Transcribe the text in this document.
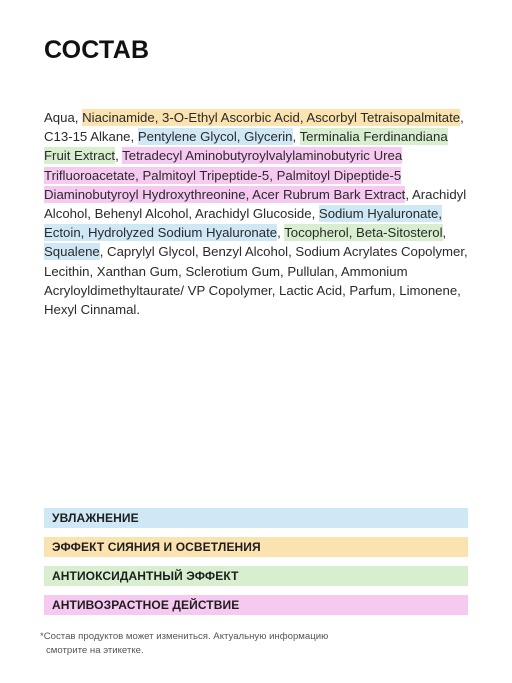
СОСТАВ

Aqua, Niacinamide, 3-O-Ethyl Ascorbic Acid, Ascorbyl Tetraisopalmitate, C13-15 Alkane, Pentylene Glycol, Glycerin, Terminalia Ferdinandiana Fruit Extract, Tetradecyl Aminobutyroylvalylaminobutyric Urea Trifluoroacetate, Palmitoyl Tripeptide-5, Palmitoyl Dipeptide-5 Diaminobutyroyl Hydroxythreonine, Acer Rubrum Bark Extract, Arachidyl Alcohol, Behenyl Alcohol, Arachidyl Glucoside, Sodium Hyaluronate, Ectoin, Hydrolyzed Sodium Hyaluronate, Tocopherol, Beta-Sitosterol, Squalene, Caprylyl Glycol, Benzyl Alcohol, Sodium Acrylates Copolymer, Lecithin, Xanthan Gum, Sclerotium Gum, Pullulan, Ammonium Acryloyldimethyltaurate/ VP Copolymer, Lactic Acid, Parfum, Limonene, Hexyl Cinnamal.

УВЛАЖНЕНИЕ
ЭФФЕКТ СИЯНИЯ И ОСВЕТЛЕНИЯ
АНТИОКСИДАНТНЫЙ ЭФФЕКТ
АНТИВОЗРАСТНОЕ ДЕЙСТВИЕ

*Состав продуктов может измениться. Актуальную информацию
смотрите на этикетке.
